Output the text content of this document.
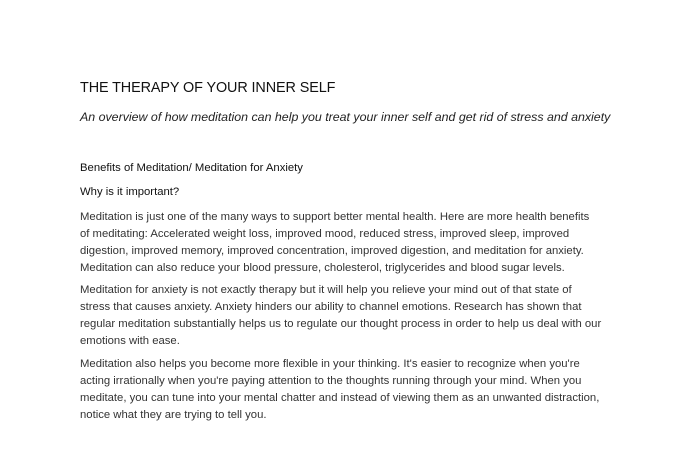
THE THERAPY OF YOUR INNER SELF
An overview of how meditation can help you treat your inner self and get rid of stress and anxiety
Benefits of Meditation/ Meditation for Anxiety
Why is it important?
Meditation is just one of the many ways to support better mental health. Here are more health benefits
of meditating: Accelerated weight loss, improved mood, reduced stress, improved sleep, improved
digestion, improved memory, improved concentration, improved digestion, and meditation for anxiety.
Meditation can also reduce your blood pressure, cholesterol, triglycerides and blood sugar levels.
Meditation for anxiety is not exactly therapy but it will help you relieve your mind out of that state of
stress that causes anxiety. Anxiety hinders our ability to channel emotions. Research has shown that
regular meditation substantially helps us to regulate our thought process in order to help us deal with our
emotions with ease.
Meditation also helps you become more flexible in your thinking. It's easier to recognize when you're
acting irrationally when you're paying attention to the thoughts running through your mind. When you
meditate, you can tune into your mental chatter and instead of viewing them as an unwanted distraction,
notice what they are trying to tell you.
